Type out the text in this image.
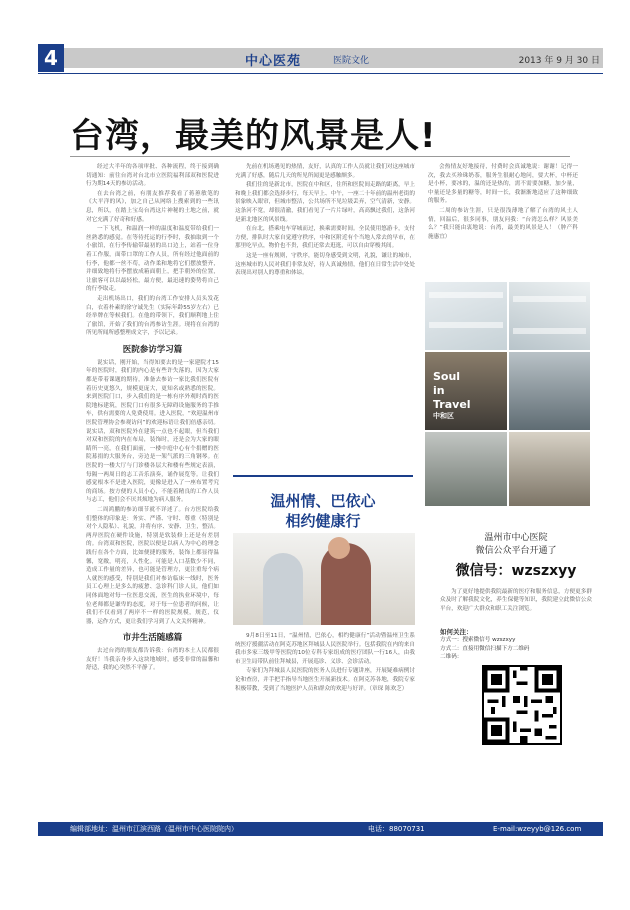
4	中心医苑	医院文化	2013 年 9 月 30 日
台湾，最美的风景是人!

经过大半年的各项审批、各种流程，终于接到确切通知：前往台湾对台北市立医院福利部双和医院进行为期14天的参访活动。

在去台湾之前，有朋友推荐我看了蒋蕙敏笔的《大平洋的风》，加之自己从网络上搜索到的一些讯息，所以，在踏上宝岛台湾这片神秘的土地之前，就对它充满了好奇和好感。

一下飞机，和温润一样的温度和温度带给我们一丝熟悉的感觉。在等待托运的行李时，我抽取到一个小旅馆，在行李传输带最初的出口边上，站着一位身着工作服，面带口罩的工作人员，所有经过他面前的行李，他都一丝不苟，动作柔和地将它们摆放整齐，并细致地将行李摆放成箱面朝上，把手朝外的位置，让旅客可以以最轻松，最方便，最迅速的姿势将自己的行李取走。

走出机场出口，我们的台湾工作安排人员头发花白，衣着朴素的徐守诚先生（实际年龄55岁左右）已经举牌在等候我们。在他的带领下，我们顺利地上住了旅馆，开始了我们的台湾参访生涯。现将在台湾的所见所闻所感整理成文字，予以记录。

医院参访学习篇

说实话，刚开始，当得知要去的是一家建院才15年的医院时，我们的内心是有些许失落的，因为大家都是带着课题的期待，准备去参访一家比我们医院有着历史更悠久，规模更庞大，更知名或熟悉的医院。来到医院门口，步入我们的是一栋有序外观时尚的医院地标建筑，医院门口有很多无障碍设施服务的手推车，供有需要的人免费使用。进入医院，“欢迎温州市医院管理协会参观访问”的欢迎标语让我们倍感亲切。说实话，双和医院外在建筑一点也不起眼，但当我们对双和医院的内在布局，装饰时，还是会为大家的眼睛所一亮，在我们面前，一楼中庭中心有个捐赠的医院募捐的大服务台，旁边是一架气派的三角钢琴。在医院的一楼大厅与门诊楼各层大和楼有些规定表演，每隔一两周日的志工音乐演奏，诵作展览等。让我们感觉根本不是进入医院，更像是进入了一座布置考究的商场。按方便的人员小心，不能着精良的工作人员与志工，他们会不厌其烦地为病人服务。

二周鸿鹏的参访细节就不详述了。台方医院给我们整体的印象是：务实、严谨、守时、尊重（特别是对个人隐私）、礼貌，并将有序、安静、卫生，整洁。两岸医院在硬件设施，特别是软装修上还是有差别的。台湾双和医院，医院以便是以病人为中心的理念践行在各个方面，比如便捷的服务，装饰上都显得温馨，宽敞，明亮，人性化。可能是人口基数少不同，造成工作量的差异，也可能是管理方，更注重每个病人就医的感受，特别是我们对参访临床一线时，医务员工心理上是多么的疲惫、急诊科门诊人员，他们如同体面地对每一位医患交流，医生的执业环境中，每位老师都是谦卑的态度，对于每一位患者的问候，让我们不仅看到了两岸不一样的医院规模，规范，仪器，运作方式，更让我们学习到了人文关怀精神。

市井生活随感篇

去过台湾的朋友都告诉我：台湾的本土人民都很友好！当我亲身步入这块地域时，感受非常的温馨和舒适，我的心突然不平静了。

先前在机场遇见的热情，友好，认真的工作人员就让我们对这座城市充满了好感，随后几天的所见所闻更是感触颇多。

我们住的是新北市，医院在中和区，住所和医院间走路的距离，早上和晚上我们都会选择步行，每天早上、中午，一座二十年前的温州老街的景象映入眼帘，但城市整洁，公共场所不见垃圾丢弃，空气清新，安静。这条河不宽，却很清澈，我们看见了一片片绿叶，高高飘过我们，这条河是新北地区的风景线。

在台北，搭乘电车穿城而过，换乘需要时间。全民使用悠游卡，支付方便，排队时大家自觉遵守秩序，中和区附近有个当地人常去的早市，在那里吃早点，物价也不贵，我们还常去逛逛，可以自由穿梭其间。

这是一座有规则，守秩序，能切身感受到文明，礼貌，谦让的城市，这座城市的人民对我们非常友好，待人真诚热情，他们在日常生活中处处表现出对别人的尊重和体谅。

会热情友好地接待，付费时会真诚地说：谢谢！记得一次，我去买珍珠奶茶，服务生很耐心地问，要大杯，中杯还是小杯，要冰的，温的还是热的，需不需要加糖，加少量，中量还是多量的糖等，时间一长，我渐渐地适应了这种细致的服务。

二周的参访生涯，只是很浅薄地了解了台湾的风土人情，回温后，很多同事，朋友问我：“台湾怎么样？风景美么？”我只能由衷地说：台湾，最美的风景是人！（肿产科 施惠宜）

Soul
in
Travel
中和区
温州情、巴依心
相约健康行

9月8日至11日，“温州情，巴依心，相约健康行”活动暨温州卫生系统医疗援疆活动在阿克苏地区拜城县人民医院举行。包括我院在内的来自我市多家三级甲等医院的10位专科专家组成的医疗团队一行16人，由我市卫生局带队前往拜城县，开展巡诊、义诊、会诊活动。

专家们为拜城县人民医院的医务人员进行专题讲座，开展疑难病例讨论和查房，并手把手指导当地医生开展新技术。在阿克苏各地，我院专家积极带教，受到了当地医护人员和群众的欢迎与好评。（章琛 陈欢芝）

温州市中心医院
微信公众平台开通了
微信号：wzszxyy
为了更好地提供我院最新的医疗和服务信息，方便更多群众及时了解我院文化，养生保健等知识，我院建立此微信公众平台，欢迎广大群众和职工关注浏览。
如何关注：
方式一：搜索微信号 wzszxyy
方式二：直接用微信扫描下方二维码
二维码：
编辑部地址：温州市江滨西路（温州市中心医院院内）	电话：88070731	E-mail:wzeyyb@126.com
